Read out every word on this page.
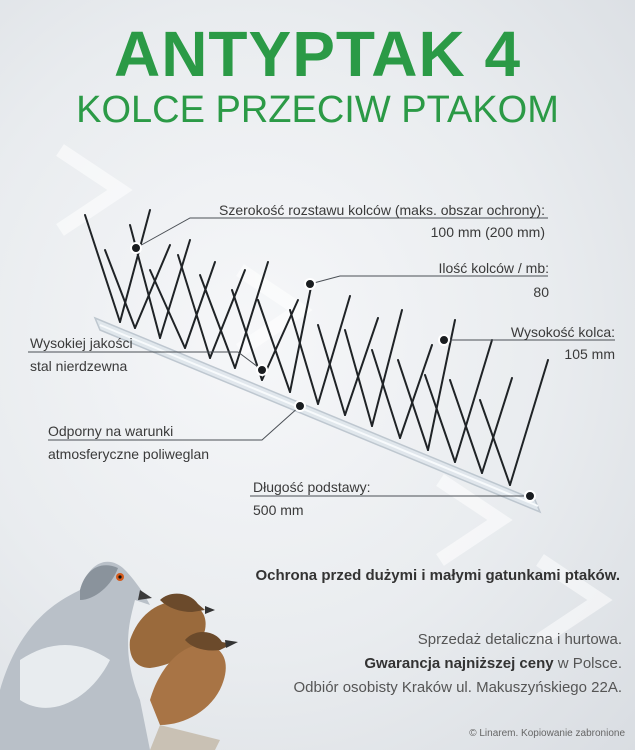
ANTYPTAK 4
KOLCE PRZECIW PTAKOM
Szerokość rozstawu kolców (maks. obszar ochrony):
100 mm (200 mm)
Ilość kolców / mb:
80
Wysokość kolca:
105 mm
Wysokiej jakości
stal nierdzewna
Odporny na warunki
atmosferyczne poliweglan
Długość podstawy:
500 mm
Ochrona przed dużymi i małymi gatunkami ptaków.
Sprzedaż detaliczna i hurtowa.
Gwarancja najniższej ceny w Polsce.
Odbiór osobisty Kraków ul. Makuszyńskiego 22A.
© Linarem. Kopiowanie zabronione
